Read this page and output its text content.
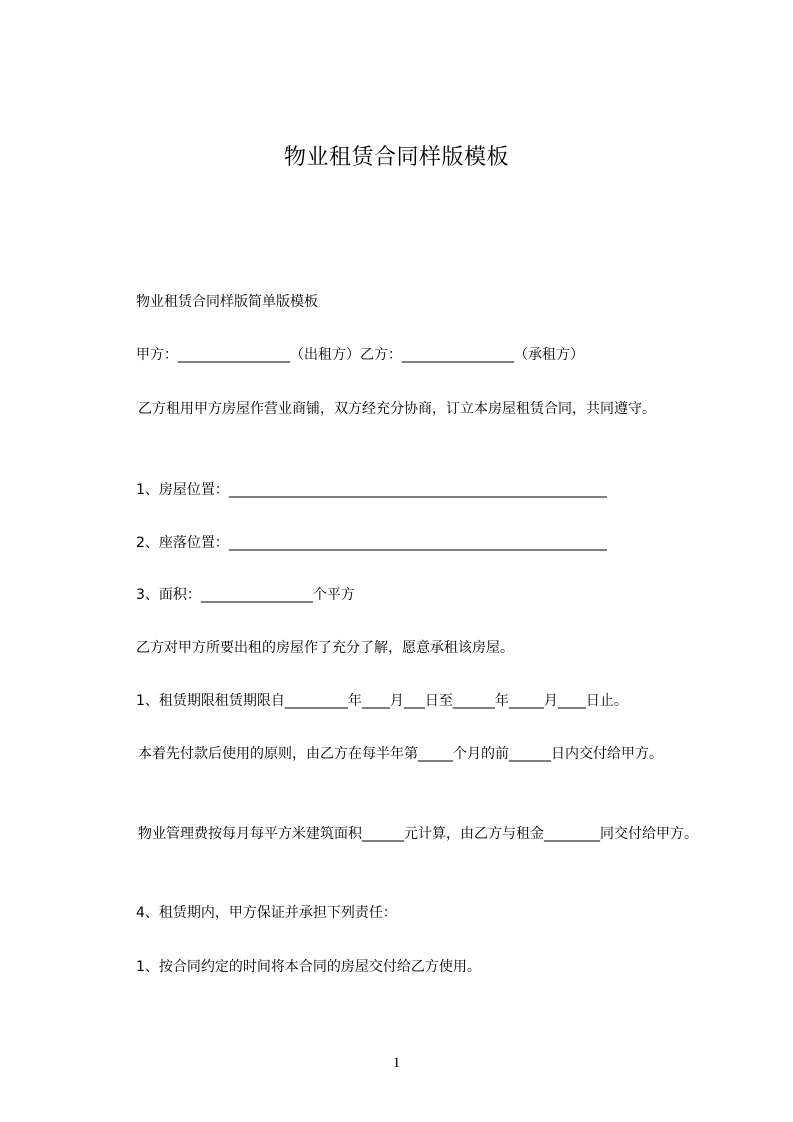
物业租赁合同样版模板
物业租赁合同样版简单版模板
甲方：________________（出租方）乙方：________________（承租方）
乙方租用甲方房屋作营业商铺，双方经充分协商，订立本房屋租赁合同，共同遵守。
1、房屋位置：______________________________________________________
2、座落位置：______________________________________________________
3、面积：________________个平方
乙方对甲方所要出租的房屋作了充分了解，愿意承租该房屋。
1、租赁期限租赁期限自_________年____月___日至______年_____月____日止。
本着先付款后使用的原则，由乙方在每半年第_____个月的前______日内交付给甲方。
物业管理费按每月每平方米建筑面积______元计算，由乙方与租金________同交付给甲方。
4、租赁期内，甲方保证并承担下列责任：
1、按合同约定的时间将本合同的房屋交付给乙方使用。
1
